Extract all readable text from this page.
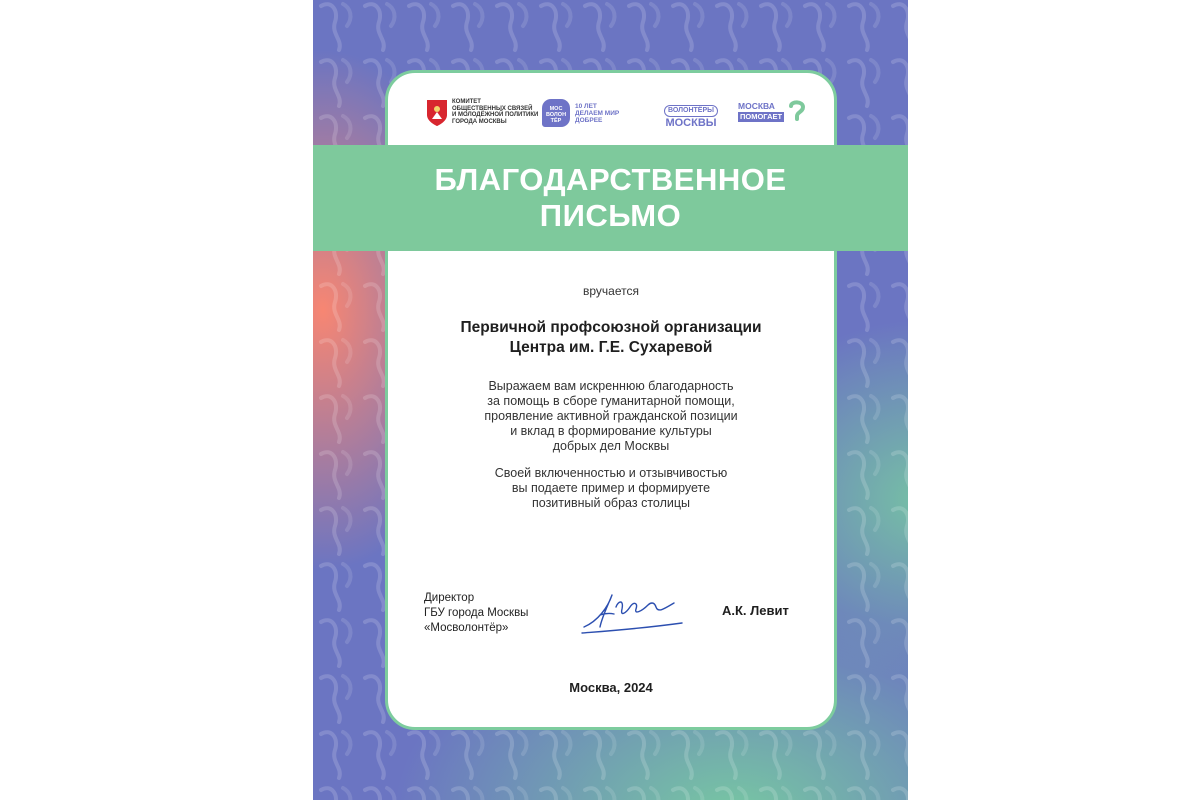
КОМИТЕТ
ОБЩЕСТВЕННЫХ СВЯЗЕЙ
И МОЛОДЁЖНОЙ ПОЛИТИКИ
ГОРОДА МОСКВЫ
МОС
ВОЛОН
ТЁР
10 ЛЕТ
ДЕЛАЕМ МИР
ДОБРЕЕ
ВОЛОНТЁРЫ
МОСКВЫ
МОСКВА
ПОМОГАЕТ
вручается
Первичной профсоюзной организации
Центра им. Г.Е. Сухаревой
Выражаем вам искреннюю благодарность
за помощь в сборе гуманитарной помощи,
проявление активной гражданской позиции
и вклад в формирование культуры
добрых дел Москвы
Своей включенностью и отзывчивостью
вы подаете пример и формируете
позитивный образ столицы
Директор
ГБУ города Москвы
«Мосволонтёр»
А.К. Левит
Москва, 2024
БЛАГОДАРСТВЕННОЕ
ПИСЬМО
